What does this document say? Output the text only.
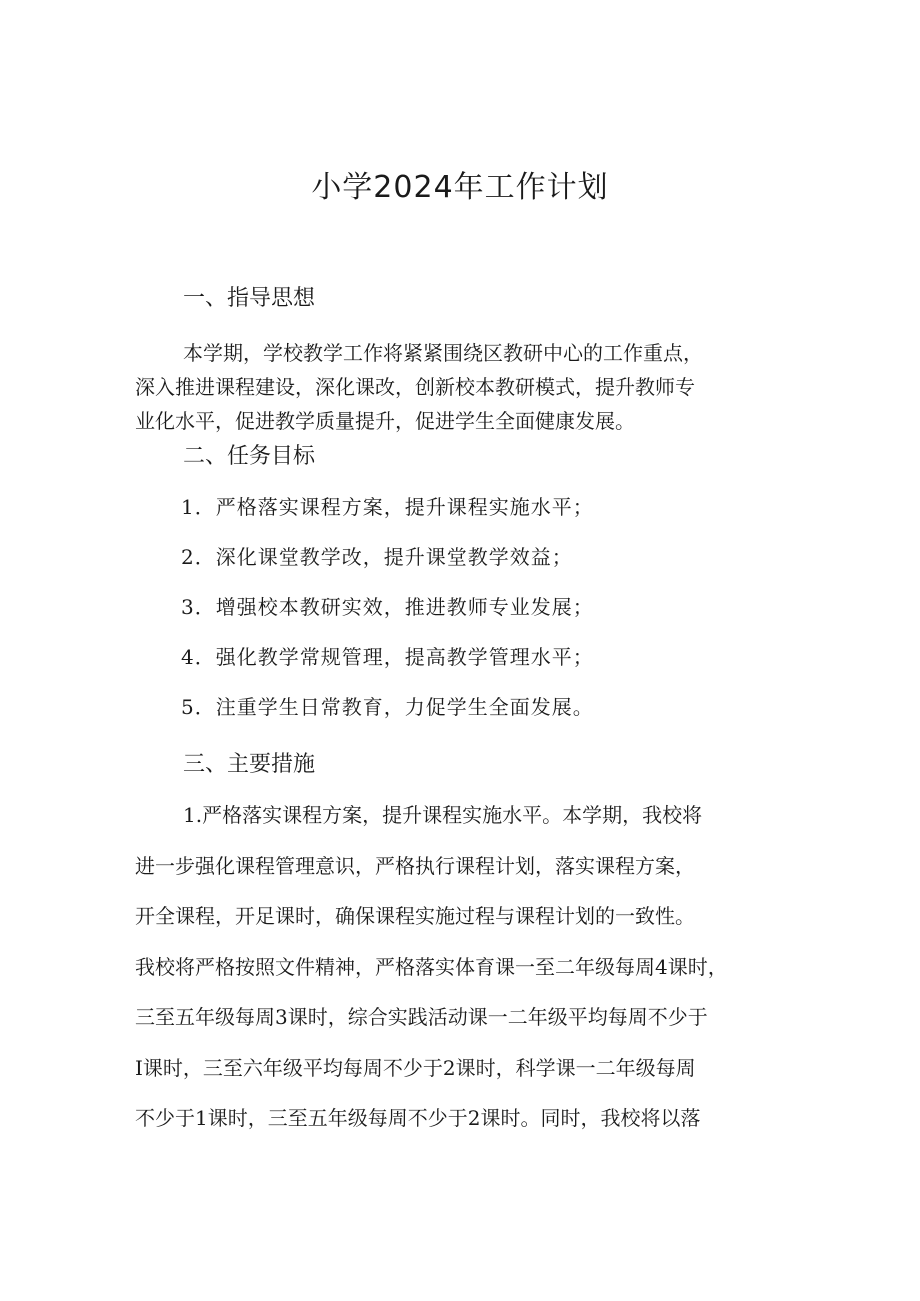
小学2024年工作计划
一、指导思想
本学期，学校教学工作将紧紧围绕区教研中心的工作重点，
深入推进课程建设，深化课改，创新校本教研模式，提升教师专
业化水平，促进教学质量提升，促进学生全面健康发展。
二、任务目标
1．严格落实课程方案，提升课程实施水平；
2．深化课堂教学改，提升课堂教学效益；
3．增强校本教研实效，推进教师专业发展；
4．强化教学常规管理，提高教学管理水平；
5．注重学生日常教育，力促学生全面发展。
三、主要措施
1.严格落实课程方案，提升课程实施水平。本学期，我校将
进一步强化课程管理意识，严格执行课程计划，落实课程方案，
开全课程，开足课时，确保课程实施过程与课程计划的一致性。
我校将严格按照文件精神，严格落实体育课一至二年级每周4课时，
三至五年级每周3课时，综合实践活动课一二年级平均每周不少于
I课时，三至六年级平均每周不少于2课时，科学课一二年级每周
不少于1课时，三至五年级每周不少于2课时。同时，我校将以落
